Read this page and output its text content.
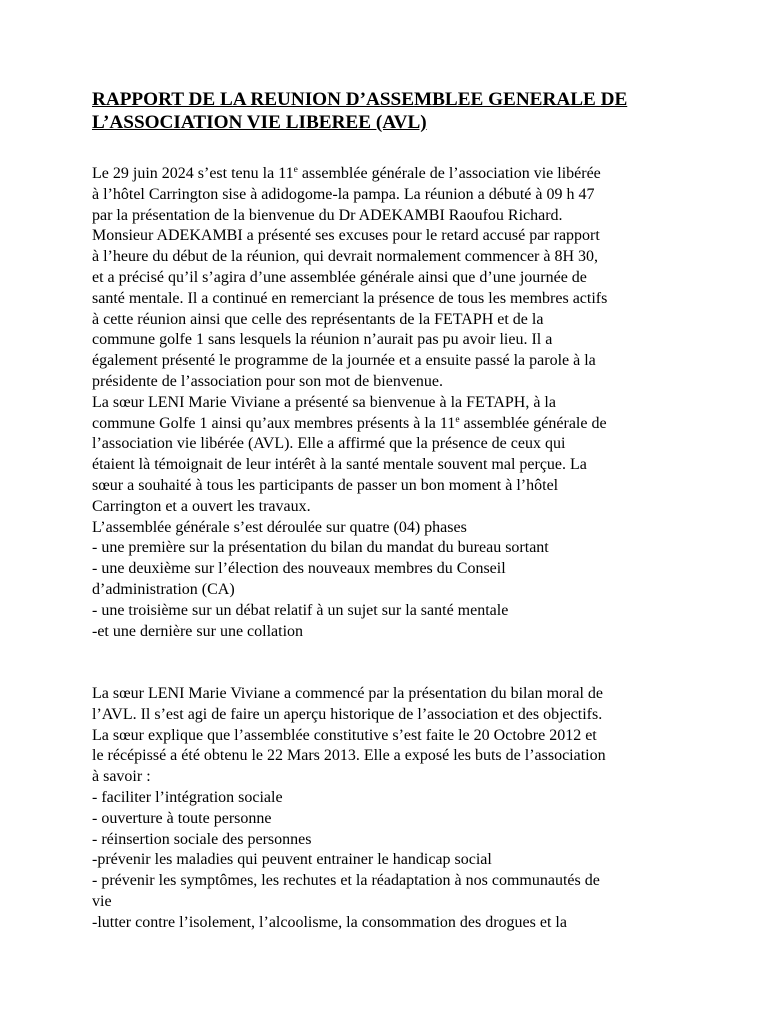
RAPPORT DE LA REUNION D’ASSEMBLEE GENERALE DE
L’ASSOCIATION VIE LIBEREE (AVL)
Le 29 juin 2024 s’est tenu la 11e assemblée générale de l’association vie libérée
à l’hôtel Carrington sise à adidogome-la pampa. La réunion a débuté à 09 h 47
par la présentation de la bienvenue du Dr ADEKAMBI Raoufou Richard.
Monsieur ADEKAMBI a présenté ses excuses pour le retard accusé par rapport
à l’heure du début de la réunion, qui devrait normalement commencer à 8H 30,
et a précisé qu’il s’agira d’une assemblée générale ainsi que d’une journée de
santé mentale. Il a continué en remerciant la présence de tous les membres actifs
à cette réunion ainsi que celle des représentants de la FETAPH et de la
commune golfe 1 sans lesquels la réunion n’aurait pas pu avoir lieu. Il a
également présenté le programme de la journée et a ensuite passé la parole à la
présidente de l’association pour son mot de bienvenue.
La sœur LENI Marie Viviane a présenté sa bienvenue à la FETAPH, à la
commune Golfe 1 ainsi qu’aux membres présents à la 11e assemblée générale de
l’association vie libérée (AVL). Elle a affirmé que la présence de ceux qui
étaient là témoignait de leur intérêt à la santé mentale souvent mal perçue. La
sœur a souhaité à tous les participants de passer un bon moment à l’hôtel
Carrington et a ouvert les travaux.
L’assemblée générale s’est déroulée sur quatre (04) phases
- une première sur la présentation du bilan du mandat du bureau sortant
- une deuxième sur l’élection des nouveaux membres du Conseil
d’administration (CA)
- une troisième sur un débat relatif à un sujet sur la santé mentale
-et une dernière sur une collation
La sœur LENI Marie Viviane a commencé par la présentation du bilan moral de
l’AVL. Il s’est agi de faire un aperçu historique de l’association et des objectifs.
La sœur explique que l’assemblée constitutive s’est faite le 20 Octobre 2012 et
le récépissé a été obtenu le 22 Mars 2013. Elle a exposé les buts de l’association
à savoir :
- faciliter l’intégration sociale
- ouverture à toute personne
- réinsertion sociale des personnes
-prévenir les maladies qui peuvent entrainer le handicap social
- prévenir les symptômes, les rechutes et la réadaptation à nos communautés de
vie
-lutter contre l’isolement, l’alcoolisme, la consommation des drogues et la
